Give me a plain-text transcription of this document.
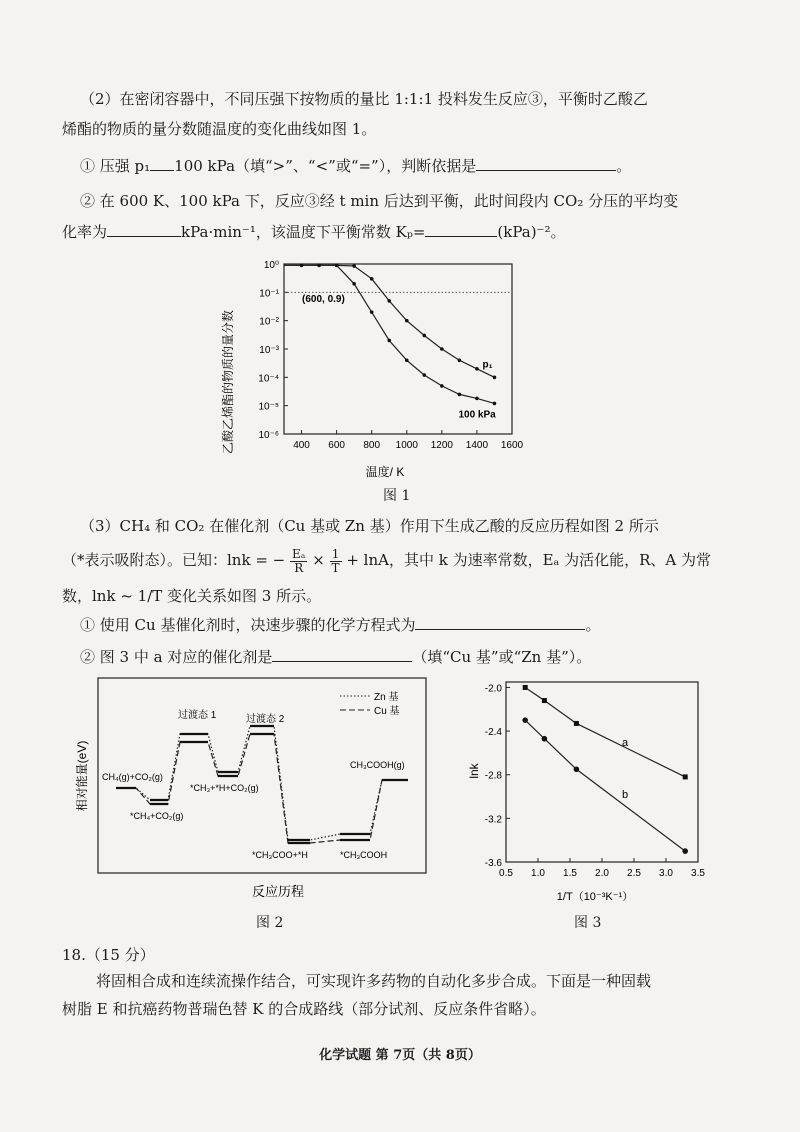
（2）在密闭容器中，不同压强下按物质的量比 1:1:1 投料发生反应③，平衡时乙酸乙
烯酯的物质的量分数随温度的变化曲线如图 1。
① 压强 p₁ 100 kPa（填“>”、“<”或“=”），判断依据是	。
② 在 600 K、100 kPa 下，反应③经 t min 后达到平衡，此时间段内 CO₂ 分压的平均变
化率为	kPa·min⁻¹，该温度下平衡常数 Kₚ=	(kPa)⁻²。
10⁰
10⁻¹
10⁻²
10⁻³
10⁻⁴
10⁻⁵
10⁻⁶
400 600 800 1000 1200 1400 1600
p₁
100 kPa
乙酸乙烯酯的物质的量分数
温度/ K
(600, 0.9)
图 1
（3）CH₄ 和 CO₂ 在催化剂（Cu 基或 Zn 基）作用下生成乙酸的反应历程如图 2 所示
（*表示吸附态）。已知：lnk = − $\frac{\text{Eₐ}}{R} \times \frac{1}{T} + \ln A$，其中 k 为速率常数，Eₐ 为活化能，R、A 为常
数，lnk ~ 1/T 变化关系如图 3 所示。
① 使用 Cu 基催化剂时，决速步骤的化学方程式为	。
② 图 3 中 a 对应的催化剂是	（填“Cu 基”或“Zn 基”）。
相对能量(eV)
反应历程
Zn 基
Cu 基
过渡态 1	过渡态 2
CH₄(g)+CO₂(g)
*CH₄+CO₂(g)
*CH₃+*H+CO₂(g)
*CH₃COO+*H	*CH₃COOH
CH₃COOH(g)
图 2
-2.0
-2.4
-2.8
-3.2
-3.6
0.5 1.0 1.5 2.0 2.5 3.0 3.5
lnk
1/T（10⁻³K⁻¹）
a
b
图 3
18.（15 分）
将固相合成和连续流操作结合，可实现许多药物的自动化多步合成。下面是一种固载
树脂 E 和抗癌药物普瑞色替 K 的合成路线（部分试剂、反应条件省略）。
化学试题 第 7页（共 8页）
